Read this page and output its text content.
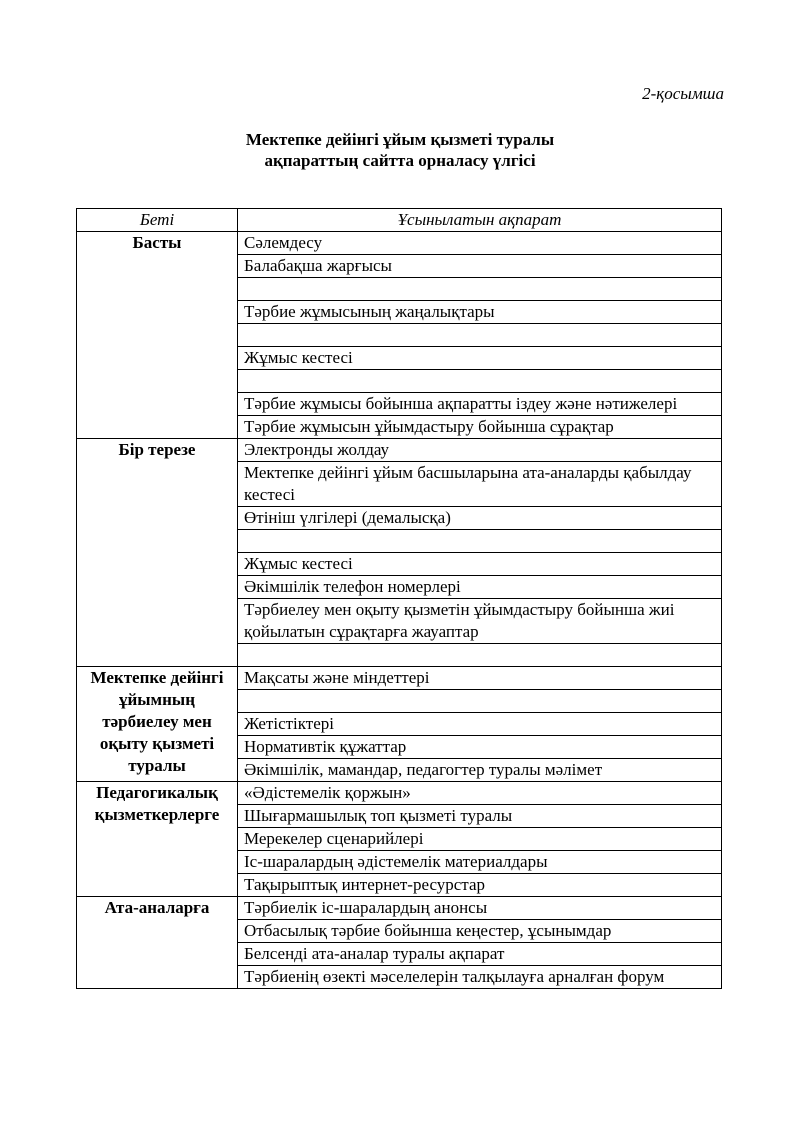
2-қосымша
Мектепке дейінгі ұйым қызметі туралы
ақпараттың сайтта орналасу үлгісі
Беті	Ұсынылатын ақпарат
Басты	Сәлемдесу
	Балабақша жарғысы

	Тәрбие жұмысының жаңалықтары

	Жұмыс кестесі

	Тәрбие жұмысы бойынша ақпаратты іздеу және нәтижелері
	Тәрбие жұмысын ұйымдастыру бойынша сұрақтар
Бір терезе	Электронды жолдау
	Мектепке дейінгі ұйым басшыларына ата-аналарды қабылдау кестесі
	Өтініш үлгілері (демалысқа)

	Жұмыс кестесі
	Әкімшілік телефон номерлері
	Тәрбиелеу мен оқыту қызметін ұйымдастыру бойынша жиі қойылатын сұрақтарға жауаптар

Мектепке дейінгі ұйымның тәрбиелеу мен оқыту қызметі туралы	Мақсаты және міндеттері

	Жетістіктері
	Нормативтік құжаттар
	Әкімшілік, мамандар, педагогтер туралы мәлімет
Педагогикалық қызметкерлерге	«Әдістемелік қоржын»
	Шығармашылық топ қызметі туралы
	Мерекелер сценарийлері
	Іс-шаралардың әдістемелік материалдары
	Тақырыптық интернет-ресурстар
Ата-аналарға	Тәрбиелік іс-шаралардың анонсы
	Отбасылық тәрбие бойынша кеңестер, ұсынымдар
	Белсенді ата-аналар туралы ақпарат
	Тәрбиенің өзекті мәселелерін талқылауға арналған форум
